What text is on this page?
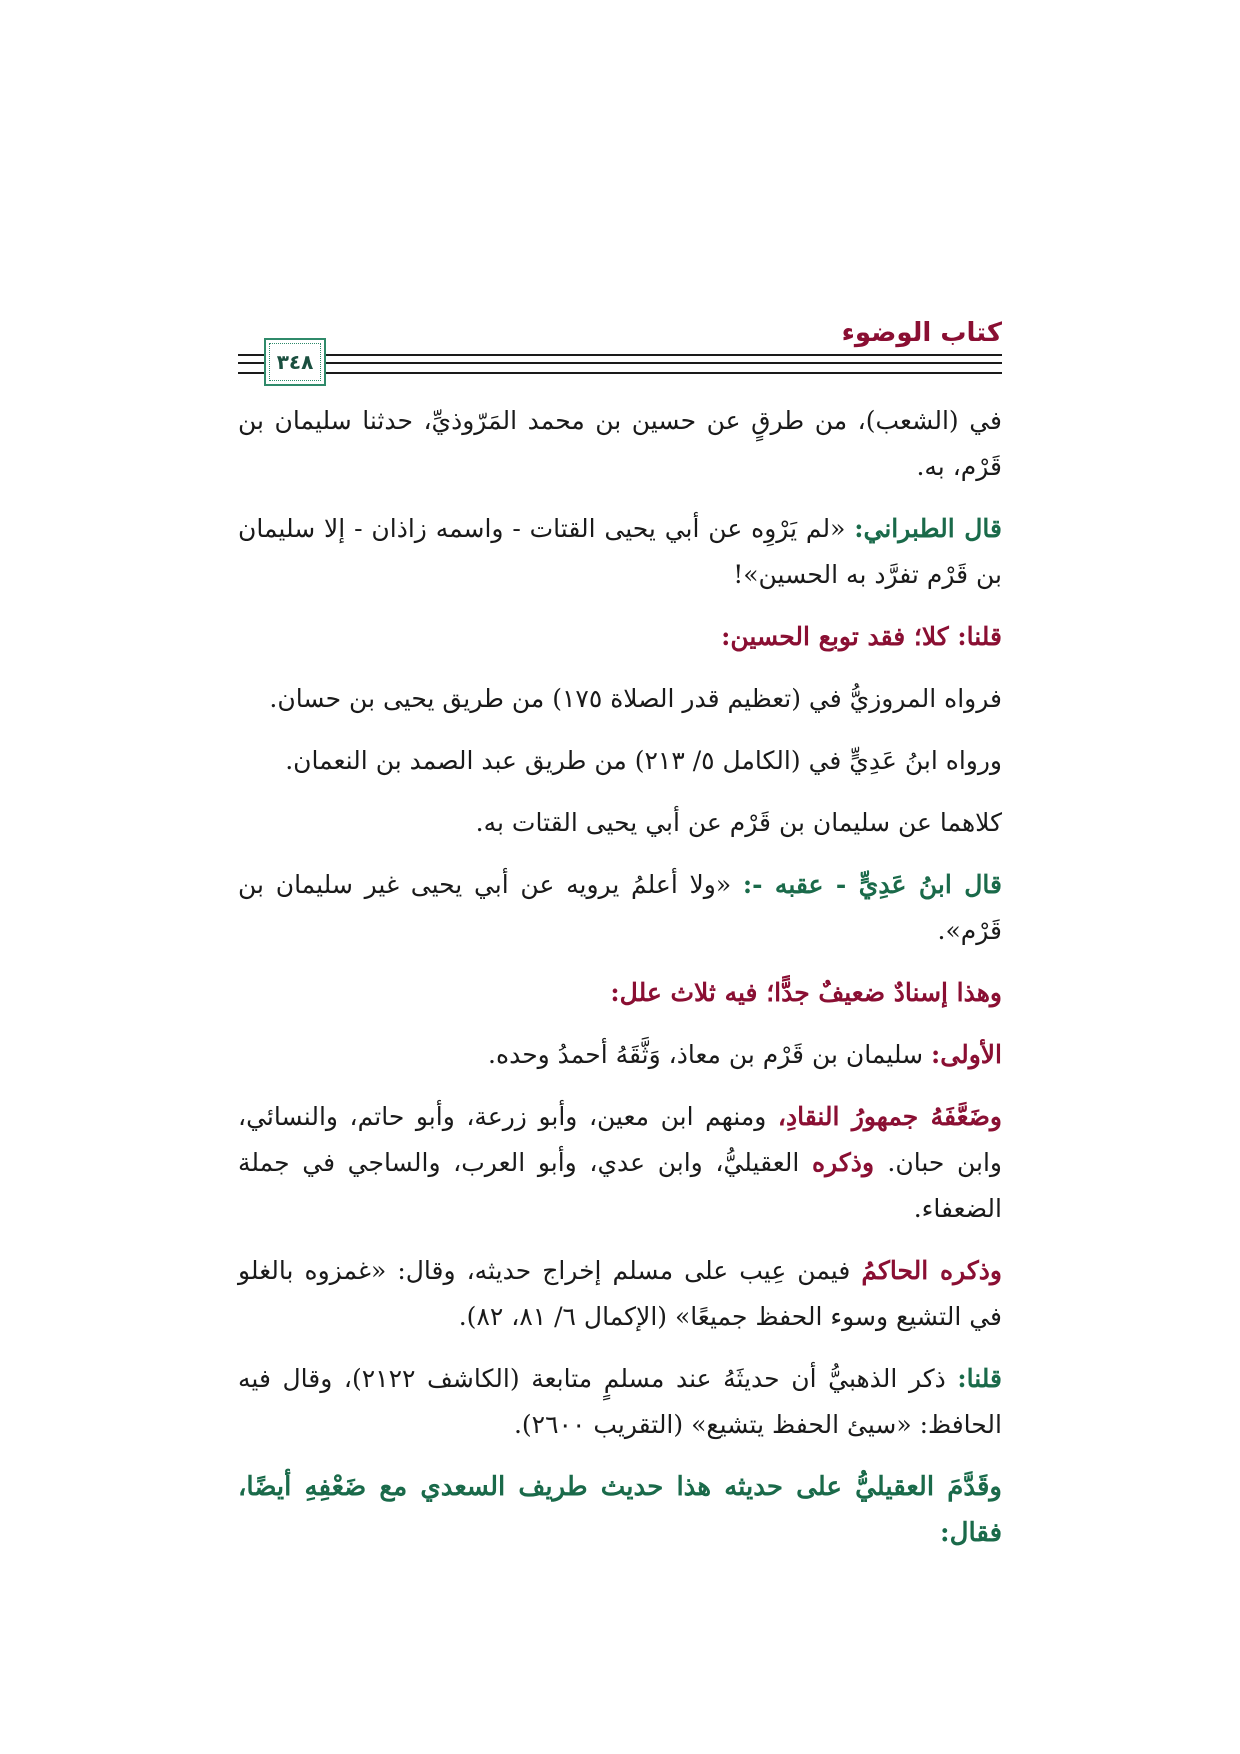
كتاب الوضوء
٣٤٨

في (الشعب)، من طرقٍ عن حسين بن محمد المَرّوذيِّ، حدثنا سليمان بن قَرْم، به.

قال الطبراني: «لم يَرْوِه عن أبي يحيى القتات - واسمه زاذان - إلا سليمان بن قَرْم تفرَّد به الحسين»!

قلنا: كلا؛ فقد توبع الحسين:

فرواه المروزيُّ في (تعظيم قدر الصلاة ١٧٥) من طريق يحيى بن حسان.

ورواه ابنُ عَدِيٍّ في (الكامل ٥/ ٢١٣) من طريق عبد الصمد بن النعمان.

كلاهما عن سليمان بن قَرْم عن أبي يحيى القتات به.

قال ابنُ عَدِيٍّ - عقبه -: «ولا أعلمُ يرويه عن أبي يحيى غير سليمان بن قَرْم».

وهذا إسنادٌ ضعيفٌ جدًّا؛ فيه ثلاث علل:

الأولى: سليمان بن قَرْم بن معاذ، وَثَّقَهُ أحمدُ وحده.

وضَعَّفَهُ جمهورُ النقادِ، ومنهم ابن معين، وأبو زرعة، وأبو حاتم، والنسائي، وابن حبان. وذكره العقيليُّ، وابن عدي، وأبو العرب، والساجي في جملة الضعفاء.

وذكره الحاكمُ فيمن عِيب على مسلم إخراج حديثه، وقال: «غمزوه بالغلو في التشيع وسوء الحفظ جميعًا» (الإكمال ٦/ ٨١، ٨٢).

قلنا: ذكر الذهبيُّ أن حديثَهُ عند مسلمٍ متابعة (الكاشف ٢١٢٢)، وقال فيه الحافظ: «سيئ الحفظ يتشيع» (التقريب ٢٦٠٠).

وقَدَّمَ العقيليُّ على حديثه هذا حديث طريف السعدي مع ضَعْفِهِ أيضًا، فقال:
